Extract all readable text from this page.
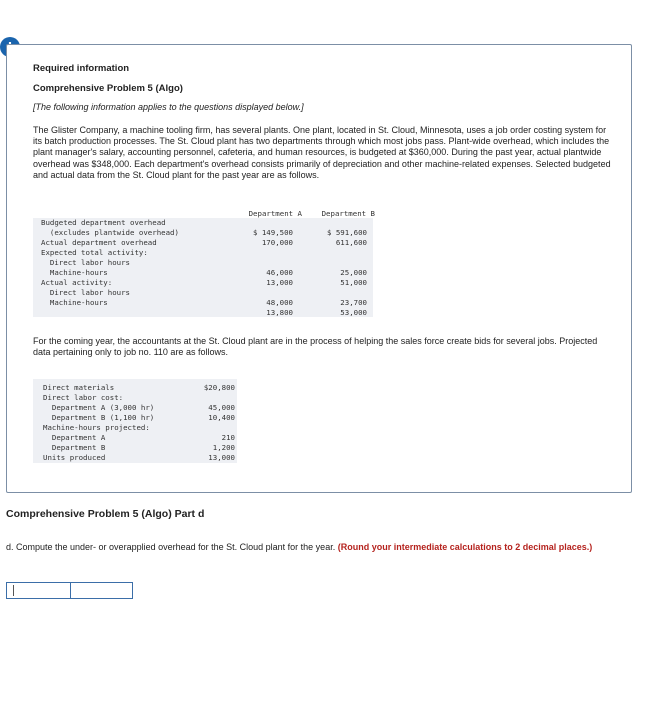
Required information
Comprehensive Problem 5 (Algo)
[The following information applies to the questions displayed below.]

The Glister Company, a machine tooling firm, has several plants. One plant, located in St. Cloud, Minnesota, uses a job order costing system for its batch production processes. The St. Cloud plant has two departments through which most jobs pass. Plant-wide overhead, which includes the plant manager's salary, accounting personnel, cafeteria, and human resources, is budgeted at $360,000. During the past year, actual plantwide overhead was $348,000. Each department's overhead consists primarily of depreciation and other machine-related expenses. Selected budgeted and actual data from the St. Cloud plant for the past year are as follows.

Department A	Department B
Budgeted department overhead
(excludes plantwide overhead)	$ 149,500	$ 591,600
Actual department overhead	170,000	611,600
Expected total activity:
Direct labor hours
Machine-hours	46,000	25,000
Actual activity:	13,000	51,000
Direct labor hours
Machine-hours	48,000	23,700
13,800	53,000

For the coming year, the accountants at the St. Cloud plant are in the process of helping the sales force create bids for several jobs. Projected data pertaining only to job no. 110 are as follows.

Direct materials	$20,800
Direct labor cost:
Department A (3,000 hr)	45,000
Department B (1,100 hr)	10,400
Machine-hours projected:
Department A	210
Department B	1,200
Units produced	13,000
Comprehensive Problem 5 (Algo) Part d

d. Compute the under- or overapplied overhead for the St. Cloud plant for the year. (Round your intermediate calculations to 2 decimal places.)
